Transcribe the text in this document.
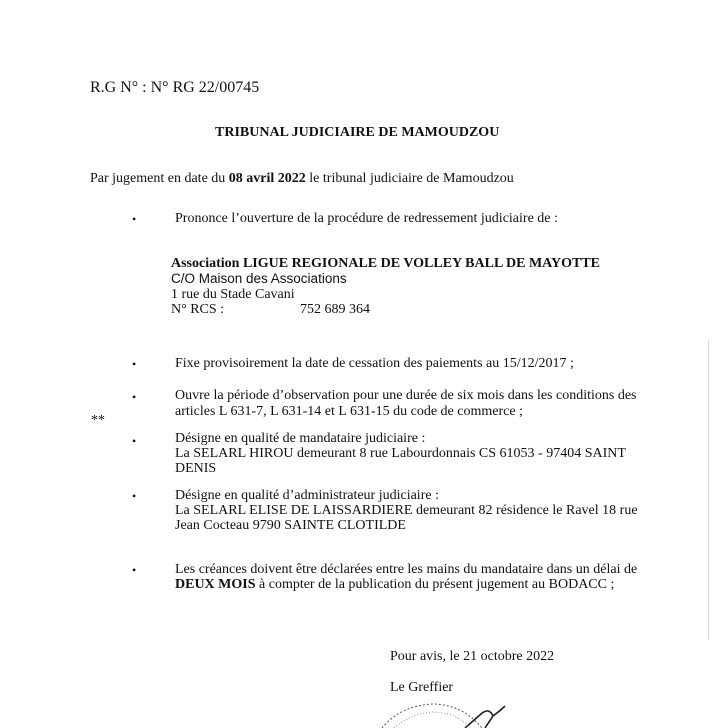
R.G N° : N° RG 22/00745
TRIBUNAL JUDICIAIRE DE MAMOUDZOU
Par jugement en date du 08 avril 2022 le tribunal judiciaire de Mamoudzou
•	Prononce l’ouverture de la procédure de redressement judiciaire de :
Association LIGUE REGIONALE DE VOLLEY BALL DE MAYOTTE
C/O Maison des Associations
1 rue du Stade Cavani
N° RCS :	752 689 364
•	Fixe provisoirement la date de cessation des paiements au 15/12/2017 ;
•	Ouvre la période d’observation pour une durée de six mois dans les conditions des
articles L 631-7, L 631-14 et L 631-15 du code de commerce ;
**
•	Désigne en qualité de mandataire judiciaire :
La SELARL HIROU demeurant 8 rue Labourdonnais CS 61053 - 97404 SAINT
DENIS
•	Désigne en qualité d’administrateur judiciaire :
La SELARL ELISE DE LAISSARDIERE demeurant 82 résidence le Ravel 18 rue
Jean Cocteau 9790 SAINTE CLOTILDE
•	Les créances doivent être déclarées entre les mains du mandataire dans un délai de
DEUX MOIS à compter de la publication du présent jugement au BODACC ;
Pour avis, le 21 octobre 2022
Le Greffier
